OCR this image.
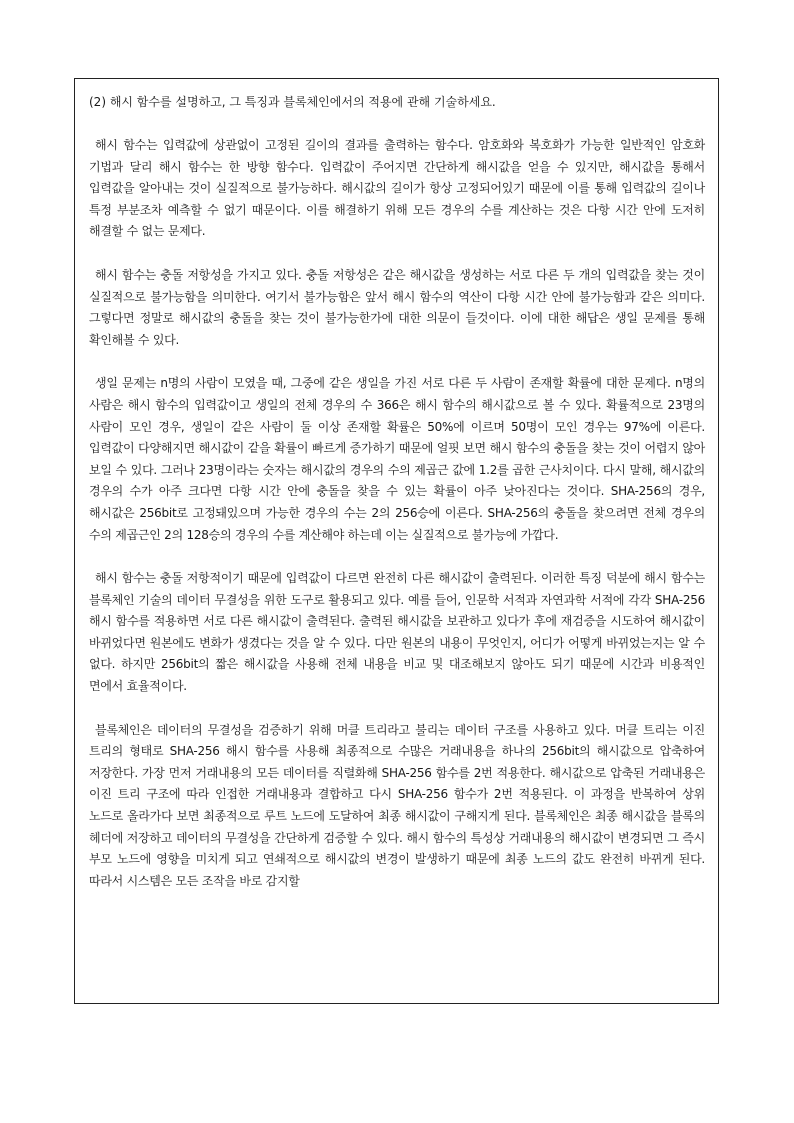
(2) 해시 함수를 설명하고, 그 특징과 블록체인에서의 적용에 관해 기술하세요.

해시 함수는 입력값에 상관없이 고정된 길이의 결과를 출력하는 함수다. 암호화와 복호화가 가능한 일반적인 암호화 기법과 달리 해시 함수는 한 방향 함수다. 입력값이 주어지면 간단하게 해시값을 얻을 수 있지만, 해시값을 통해서 입력값을 알아내는 것이 실질적으로 불가능하다. 해시값의 길이가 항상 고정되어있기 때문에 이를 통해 입력값의 길이나 특정 부분조차 예측할 수 없기 때문이다. 이를 해결하기 위해 모든 경우의 수를 계산하는 것은 다항 시간 안에 도저히 해결할 수 없는 문제다.

해시 함수는 충돌 저항성을 가지고 있다. 충돌 저항성은 같은 해시값을 생성하는 서로 다른 두 개의 입력값을 찾는 것이 실질적으로 불가능함을 의미한다. 여기서 불가능함은 앞서 해시 함수의 역산이 다항 시간 안에 불가능함과 같은 의미다. 그렇다면 정말로 해시값의 충돌을 찾는 것이 불가능한가에 대한 의문이 들것이다. 이에 대한 해답은 생일 문제를 통해 확인해볼 수 있다.

생일 문제는 n명의 사람이 모였을 때, 그중에 같은 생일을 가진 서로 다른 두 사람이 존재할 확률에 대한 문제다. n명의 사람은 해시 함수의 입력값이고 생일의 전체 경우의 수 366은 해시 함수의 해시값으로 볼 수 있다. 확률적으로 23명의 사람이 모인 경우, 생일이 같은 사람이 둘 이상 존재할 확률은 50%에 이르며 50명이 모인 경우는 97%에 이른다. 입력값이 다양해지면 해시값이 같을 확률이 빠르게 증가하기 때문에 얼핏 보면 해시 함수의 충돌을 찾는 것이 어렵지 않아 보일 수 있다. 그러나 23명이라는 숫자는 해시값의 경우의 수의 제곱근 값에 1.2를 곱한 근사치이다. 다시 말해, 해시값의 경우의 수가 아주 크다면 다항 시간 안에 충돌을 찾을 수 있는 확률이 아주 낮아진다는 것이다. SHA-256의 경우, 해시값은 256bit로 고정돼있으며 가능한 경우의 수는 2의 256승에 이른다. SHA-256의 충돌을 찾으려면 전체 경우의 수의 제곱근인 2의 128승의 경우의 수를 계산해야 하는데 이는 실질적으로 불가능에 가깝다.

해시 함수는 충돌 저항적이기 때문에 입력값이 다르면 완전히 다른 해시값이 출력된다. 이러한 특징 덕분에 해시 함수는 블록체인 기술의 데이터 무결성을 위한 도구로 활용되고 있다. 예를 들어, 인문학 서적과 자연과학 서적에 각각 SHA-256 해시 함수를 적용하면 서로 다른 해시값이 출력된다. 출력된 해시값을 보관하고 있다가 후에 재검증을 시도하여 해시값이 바뀌었다면 원본에도 변화가 생겼다는 것을 알 수 있다. 다만 원본의 내용이 무엇인지, 어디가 어떻게 바뀌었는지는 알 수 없다. 하지만 256bit의 짧은 해시값을 사용해 전체 내용을 비교 및 대조해보지 않아도 되기 때문에 시간과 비용적인 면에서 효율적이다.

블록체인은 데이터의 무결성을 검증하기 위해 머클 트리라고 불리는 데이터 구조를 사용하고 있다. 머클 트리는 이진 트리의 형태로 SHA-256 해시 함수를 사용해 최종적으로 수많은 거래내용을 하나의 256bit의 해시값으로 압축하여 저장한다. 가장 먼저 거래내용의 모든 데이터를 직렬화해 SHA-256 함수를 2번 적용한다. 해시값으로 압축된 거래내용은 이진 트리 구조에 따라 인접한 거래내용과 결합하고 다시 SHA-256 함수가 2번 적용된다. 이 과정을 반복하여 상위 노드로 올라가다 보면 최종적으로 루트 노드에 도달하여 최종 해시값이 구해지게 된다. 블록체인은 최종 해시값을 블록의 헤더에 저장하고 데이터의 무결성을 간단하게 검증할 수 있다. 해시 함수의 특성상 거래내용의 해시값이 변경되면 그 즉시 부모 노드에 영향을 미치게 되고 연쇄적으로 해시값의 변경이 발생하기 때문에 최종 노드의 값도 완전히 바뀌게 된다. 따라서 시스템은 모든 조작을 바로 감지할
